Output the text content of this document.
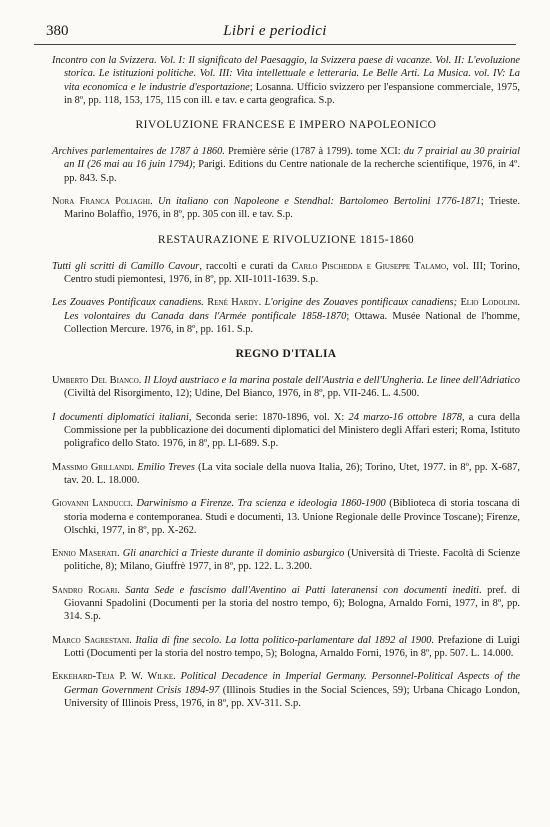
380	Libri e periodici
Incontro con la Svizzera. Vol. I: Il significato del Paesaggio, la Svizzera paese di vacanze. Vol. II: L'evoluzione storica. Le istituzioni politiche. Vol. III: Vita intellettuale e letteraria. Le Belle Arti. La Musica. vol. IV: La vita economica e le industrie d'esportazione; Losanna. Ufficio svizzero per l'espansione commerciale, 1975, in 8º, pp. 118, 153, 175, 115 con ill. e tav. e carta geografica. S.p.
RIVOLUZIONE FRANCESE E IMPERO NAPOLEONICO
Archives parlementaires de 1787 à 1860. Première série (1787 à 1799). tome XCI: du 7 prairial au 30 prairial an II (26 mai au 16 juin 1794); Parigi. Editions du Centre nationale de la recherche scientifique, 1976, in 4º. pp. 843. S.p.
Nora Franca Poliaghi. Un italiano con Napoleone e Stendhal: Bartolomeo Bertolini 1776-1871; Trieste. Marino Bolaffio, 1976, in 8º, pp. 305 con ill. e tav. S.p.
RESTAURAZIONE E RIVOLUZIONE 1815-1860
Tutti gli scritti di Camillo Cavour, raccolti e curati da Carlo Pischedda e Giuseppe Talamo, vol. III; Torino, Centro studi piemontesi, 1976, in 8º, pp. XII-1011-1639. S.p.
Les Zouaves Pontificaux canadiens. René Hardy. L'origine des Zouaves pontificaux canadiens; Elio Lodolini. Les volontaires du Canada dans l'Armée pontificale 1858-1870; Ottawa. Musée National de l'homme, Collection Mercure. 1976, in 8º, pp. 161. S.p.
REGNO D'ITALIA
Umberto Del Bianco. Il Lloyd austriaco e la marina postale dell'Austria e dell'Ungheria. Le linee dell'Adriatico (Civiltà del Risorgimento, 12); Udine, Del Bianco, 1976, in 8º, pp. VII-246. L. 4.500.
I documenti diplomatici italiani, Seconda serie: 1870-1896, vol. X: 24 marzo-16 ottobre 1878, a cura della Commissione per la pubblicazione dei documenti diplomatici del Ministero degli Affari esteri; Roma, Istituto poligrafico dello Stato. 1976, in 8º, pp. LI-689. S.p.
Massimo Grillandi. Emilio Treves (La vita sociale della nuova Italia, 26); Torino, Utet, 1977. in 8º, pp. X-687, tav. 20. L. 18.000.
Giovanni Landucci. Darwinismo a Firenze. Tra scienza e ideologia 1860-1900 (Biblioteca di storia toscana di storia moderna e contemporanea. Studi e documenti, 13. Unione Regionale delle Province Toscane); Firenze, Olschki, 1977, in 8º, pp. X-262.
Ennio Maserati. Gli anarchici a Trieste durante il dominio asburgico (Università di Trieste. Facoltà di Scienze politiche, 8); Milano, Giuffrè 1977, in 8º, pp. 122. L. 3.200.
Sandro Rogari. Santa Sede e fascismo dall'Aventino ai Patti lateranensi con documenti inediti. pref. di Giovanni Spadolini (Documenti per la storia del nostro tempo, 6); Bologna, Arnaldo Forni, 1977, in 8º, pp. 314. S.p.
Marco Sagrestani. Italia di fine secolo. La lotta politico-parlamentare dal 1892 al 1900. Prefazione di Luigi Lotti (Documenti per la storia del nostro tempo, 5); Bologna, Arnaldo Forni, 1976, in 8º, pp. 507. L. 14.000.
Ekkehard-Teja P. W. Wilke. Political Decadence in Imperial Germany. Personnel-Political Aspects of the German Government Crisis 1894-97 (Illinois Studies in the Social Sciences, 59); Urbana Chicago London, University of Illinois Press, 1976, in 8º, pp. XV-311. S.p.
